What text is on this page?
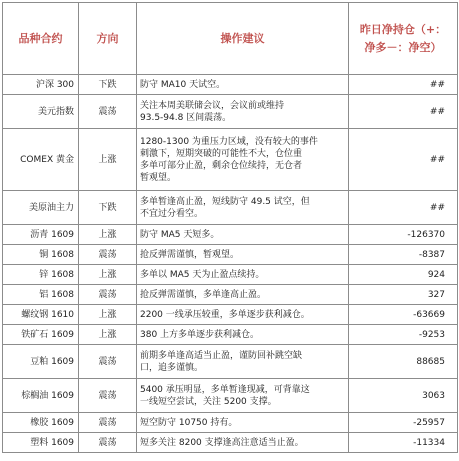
品种合约	方向	操作建议	昨日净持仓（+：
净多－：净空）

沪深 300	下跌	防守 MA10 天试空。	##
美元指数	震荡	关注本周美联储会议，会议前或维持
93.5-94.8 区间震荡。	##
COMEX 黄金	上涨	1280-1300 为重压力区域，没有较大的事件
刺激下，短期突破的可能性不大，仓位重
多单可部分止盈，剩余仓位续持，无仓者
暂观望。	##
美原油主力	下跌	多单暂逢高止盈，短线防守 49.5 试空，但
不宜过分看空。	##
沥青 1609	上涨	防守 MA5 天短多。	-126370
铜 1608	震荡	抢反弹需谨慎，暂观望。	-8387
锌 1608	上涨	多单以 MA5 天为止盈点续持。	924
铝 1608	震荡	抢反弹需谨慎，多单逢高止盈。	327
螺纹钢 1610	上涨	2200 一线承压较重，多单逐步获利减仓。	-63669
铁矿石 1609	上涨	380 上方多单逐步获利减仓。	-9253
豆粕 1609	震荡	前期多单逢高适当止盈，谨防回补跳空缺
口，追多谨慎。	88685
棕榈油 1609	震荡	5400 承压明显，多单暂逢现减，可背靠这
一线短空尝试，关注 5200 支撑。	3063
橡胶 1609	震荡	短空防守 10750 持有。	-25957
塑料 1609	震荡	短多关注 8200 支撑逢高注意适当止盈。	-11334
